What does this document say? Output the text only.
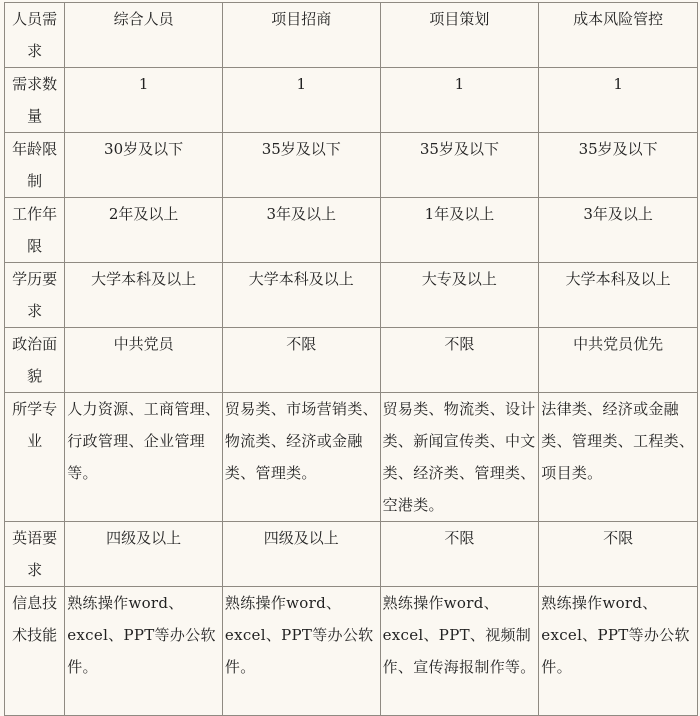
人员需求	综合人员	项目招商	项目策划	成本风险管控
需求数量	1	1	1	1
年龄限制	30岁及以下	35岁及以下	35岁及以下	35岁及以下
工作年限	2年及以上	3年及以上	1年及以上	3年及以上
学历要求	大学本科及以上	大学本科及以上	大专及以上	大学本科及以上
政治面貌	中共党员	不限	不限	中共党员优先
所学专业	人力资源、工商管理、行政管理、企业管理等。	贸易类、市场营销类、物流类、经济或金融类、管理类。	贸易类、物流类、设计类、新闻宣传类、中文类、经济类、管理类、空港类。	法律类、经济或金融类、管理类、工程类、项目类。
英语要求	四级及以上	四级及以上	不限	不限
信息技术技能	熟练操作word、excel、PPT等办公软件。	熟练操作word、excel、PPT等办公软件。	熟练操作word、excel、PPT、视频制作、宣传海报制作等。	熟练操作word、excel、PPT等办公软件。
